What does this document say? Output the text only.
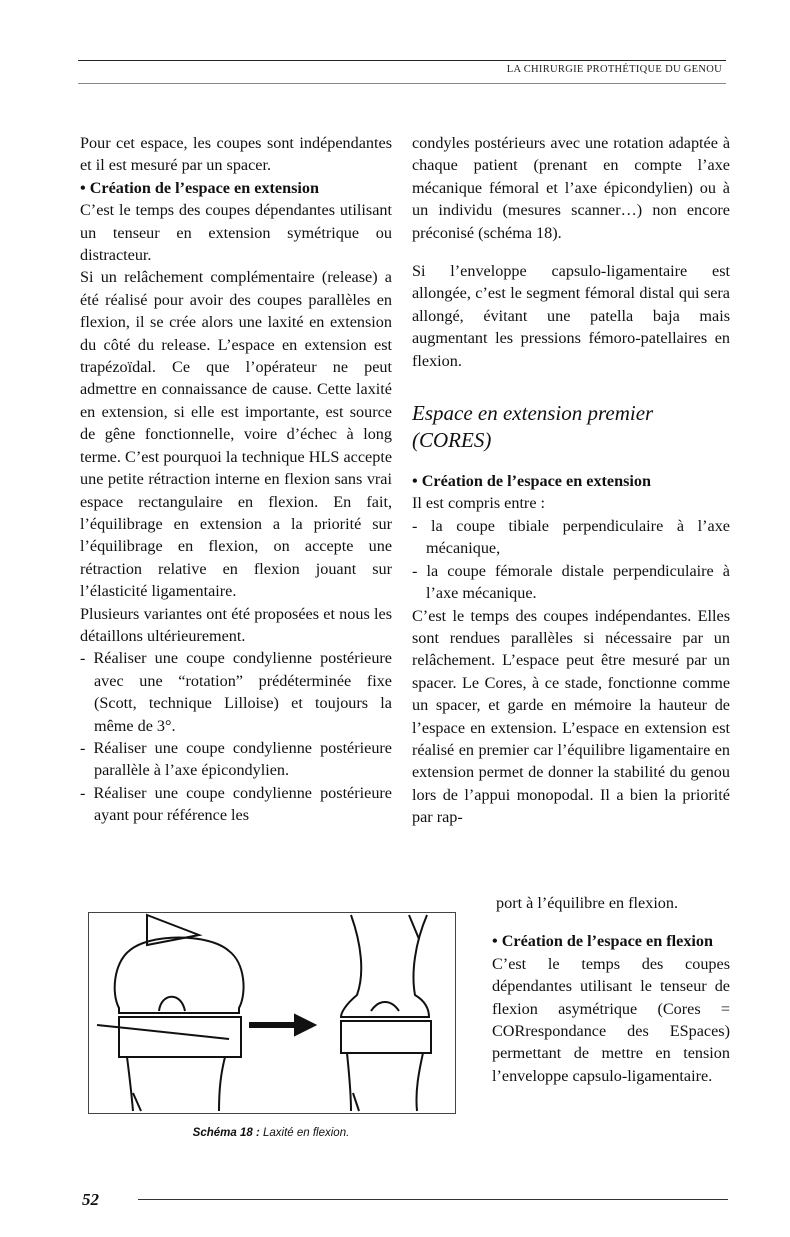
LA CHIRURGIE PROTHÉTIQUE DU GENOU

Pour cet espace, les coupes sont indépendantes et il est mesuré par un spacer.

• Création de l’espace en extension

C’est le temps des coupes dépendantes utilisant un tenseur en extension symétrique ou distracteur.

Si un relâchement complémentaire (release) a été réalisé pour avoir des coupes parallèles en flexion, il se crée alors une laxité en extension du côté du release. L’espace en extension est trapézoïdal. Ce que l’opérateur ne peut admettre en connaissance de cause. Cette laxité en extension, si elle est importante, est source de gêne fonctionnelle, voire d’échec à long terme. C’est pourquoi la technique HLS accepte une petite rétraction interne en flexion sans vrai espace rectangulaire en flexion. En fait, l’équilibrage en extension a la priorité sur l’équilibrage en flexion, on accepte une rétraction relative en flexion jouant sur l’élasticité ligamentaire.

Plusieurs variantes ont été proposées et nous les détaillons ultérieurement.

- Réaliser une coupe condylienne postérieure avec une “rotation” prédéterminée fixe (Scott, technique Lilloise) et toujours la même de 3°.

- Réaliser une coupe condylienne postérieure parallèle à l’axe épicondylien.

- Réaliser une coupe condylienne postérieure ayant pour référence les

condyles postérieurs avec une rotation adaptée à chaque patient (prenant en compte l’axe mécanique fémoral et l’axe épicondylien) ou à un individu (mesures scanner…) non encore préconisé (schéma 18).

Si l’enveloppe capsulo-ligamentaire est allongée, c’est le segment fémoral distal qui sera allongé, évitant une patella baja mais augmentant les pressions fémoro-patellaires en flexion.

Espace en extension premier (CORES)

• Création de l’espace en extension

Il est compris entre :

- la coupe tibiale perpendiculaire à l’axe mécanique,

- la coupe fémorale distale perpendiculaire à l’axe mécanique.

C’est le temps des coupes indépendantes. Elles sont rendues parallèles si nécessaire par un relâchement. L’espace peut être mesuré par un spacer. Le Cores, à ce stade, fonctionne comme un spacer, et garde en mémoire la hauteur de l’espace en extension. L’espace en extension est réalisé en premier car l’équilibre ligamentaire en extension permet de donner la stabilité du genou lors de l’appui monopodal. Il a bien la priorité par rap-

Schéma 18 : Laxité en flexion.

port à l’équilibre en flexion.

• Création de l’espace en flexion

C’est le temps des coupes dépendantes utilisant le tenseur de flexion asymétrique (Cores = CORrespondance des ESpaces) permettant de mettre en tension l’enveloppe capsulo-ligamentaire.

52
